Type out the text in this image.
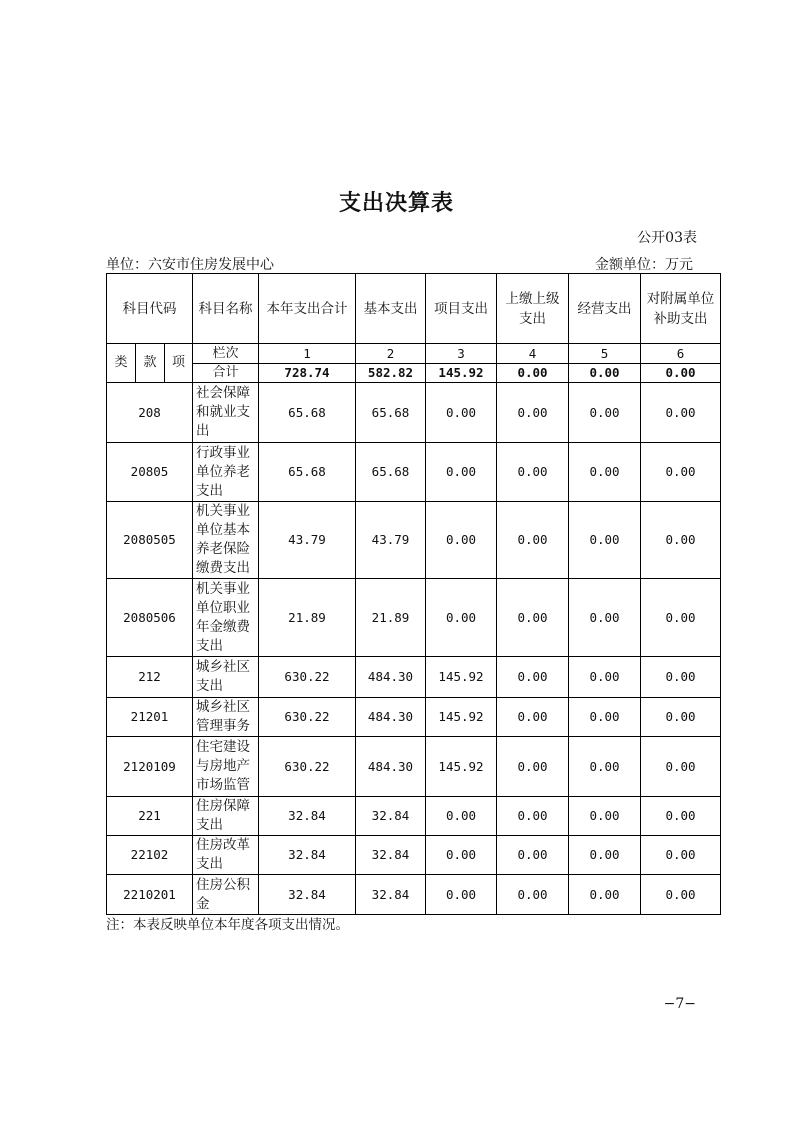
支出决算表
公开03表
单位：六安市住房发展中心	金额单位：万元
科目代码			科目名称	本年支出合计	基本支出	项目支出	上缴上级支出	经营支出	对附属单位补助支出
类	款	项	栏次	1	2	3	4	5	6
			合计	728.74	582.82	145.92	0.00	0.00	0.00
208			社会保障和就业支出	65.68	65.68	0.00	0.00	0.00	0.00
20805			行政事业单位养老支出	65.68	65.68	0.00	0.00	0.00	0.00
2080505			机关事业单位基本养老保险缴费支出	43.79	43.79	0.00	0.00	0.00	0.00
2080506			机关事业单位职业年金缴费支出	21.89	21.89	0.00	0.00	0.00	0.00
212			城乡社区支出	630.22	484.30	145.92	0.00	0.00	0.00
21201			城乡社区管理事务	630.22	484.30	145.92	0.00	0.00	0.00
2120109			住宅建设与房地产市场监管	630.22	484.30	145.92	0.00	0.00	0.00
221			住房保障支出	32.84	32.84	0.00	0.00	0.00	0.00
22102			住房改革支出	32.84	32.84	0.00	0.00	0.00	0.00
2210201			住房公积金	32.84	32.84	0.00	0.00	0.00	0.00
注：本表反映单位本年度各项支出情况。
−7−
